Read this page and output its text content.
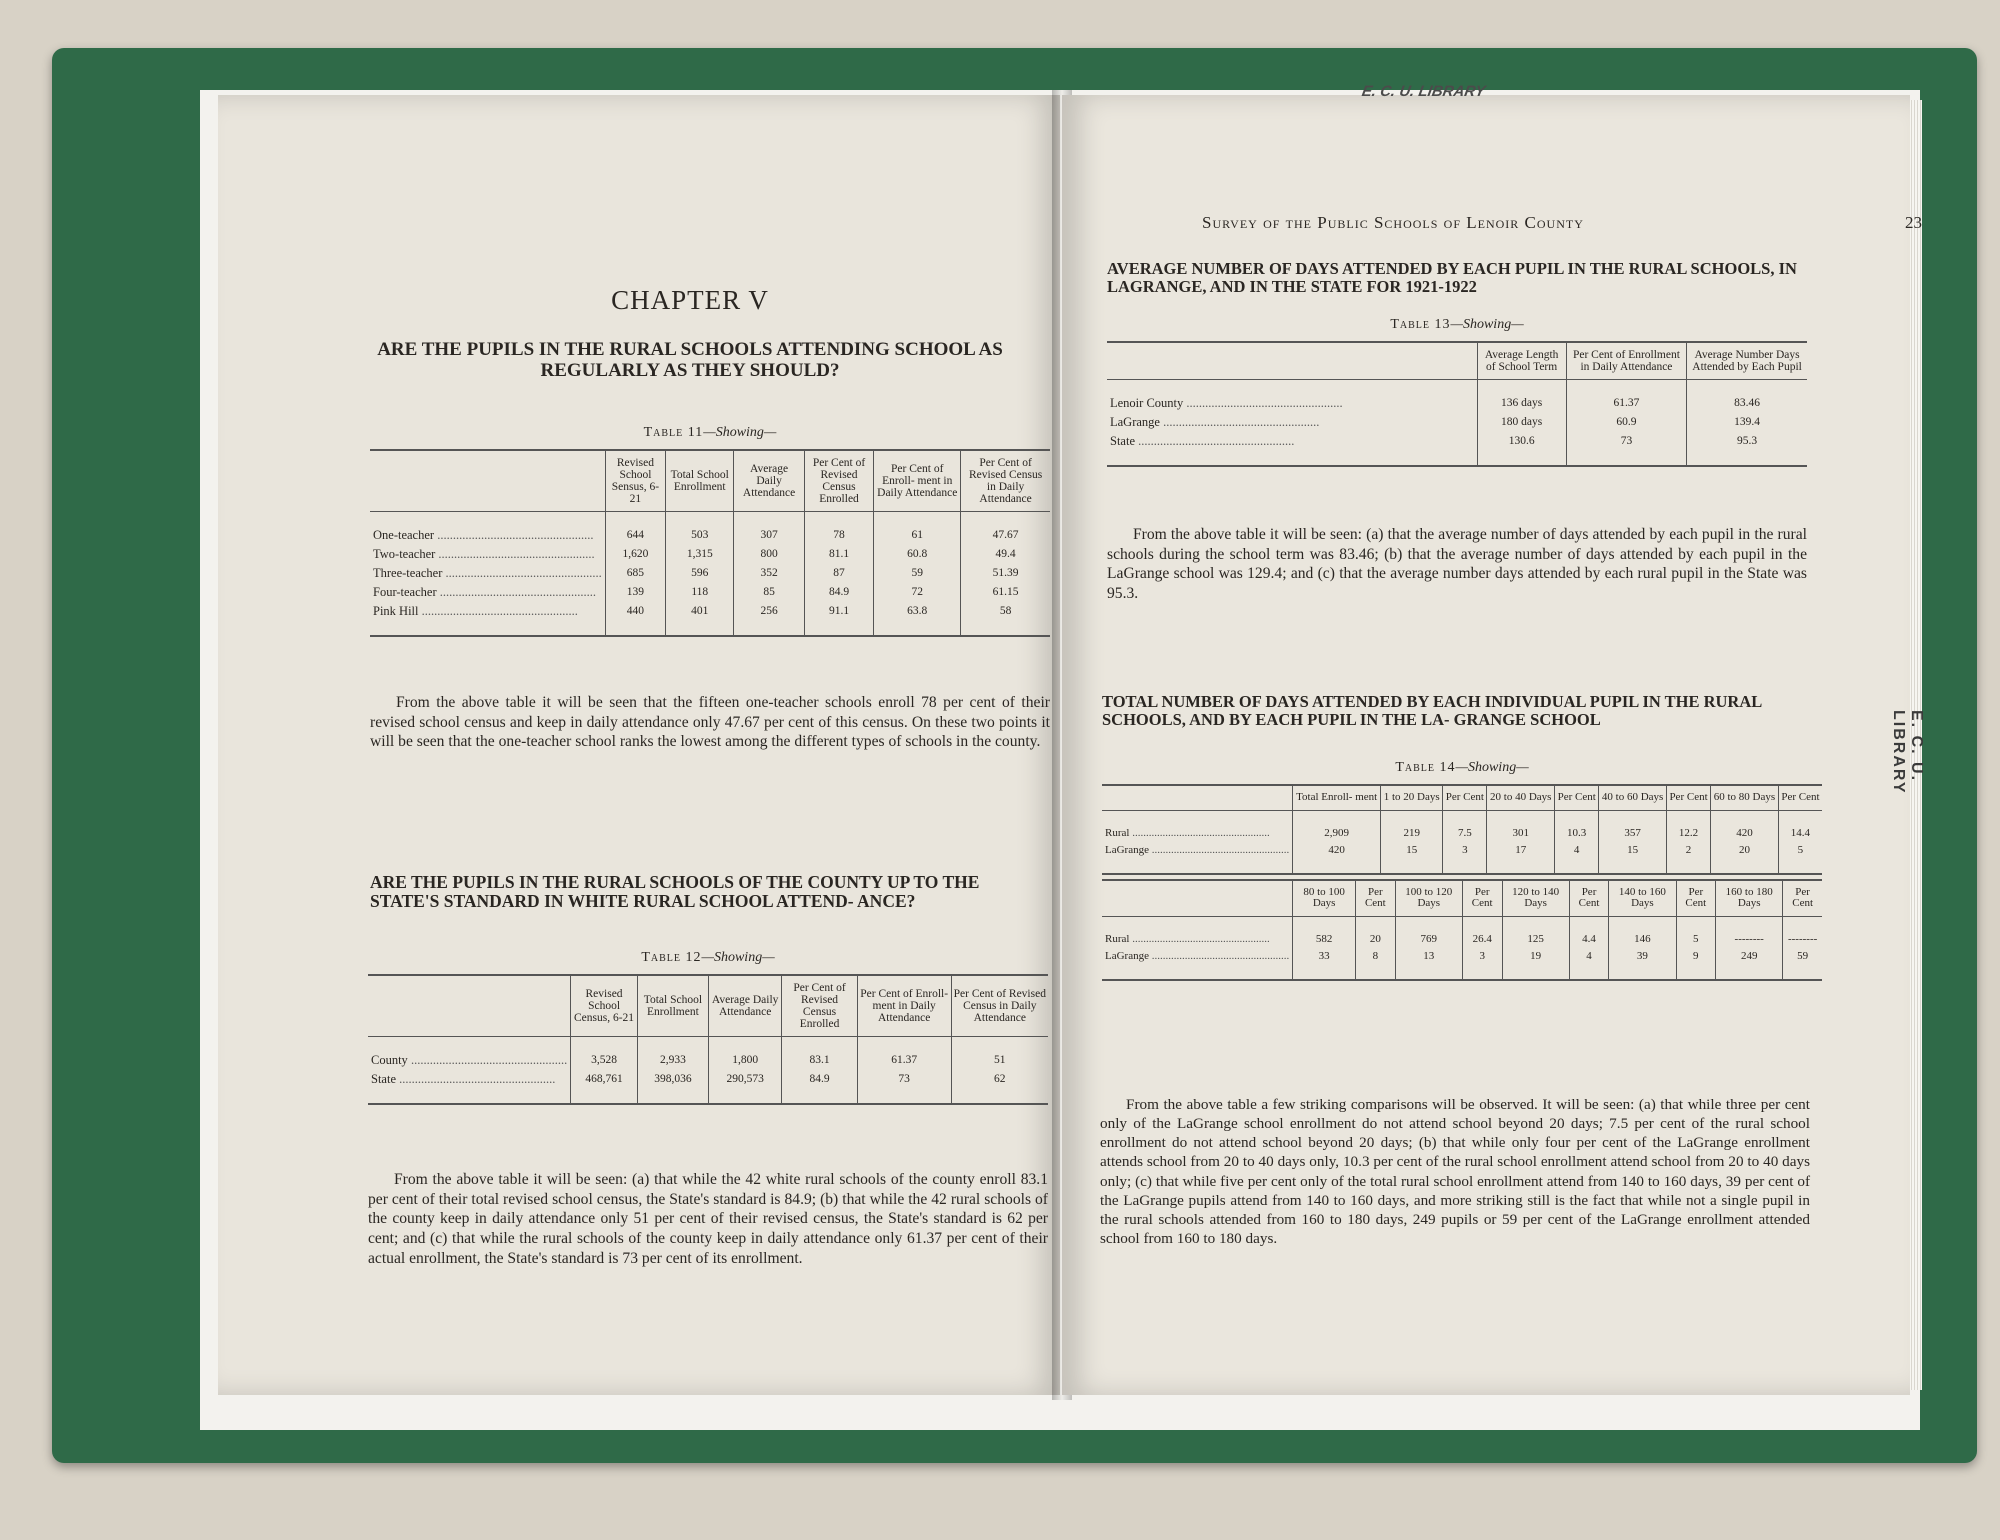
CHAPTER V
ARE THE PUPILS IN THE RURAL SCHOOLS ATTENDING SCHOOL AS REGULARLY AS THEY SHOULD?
Table 11—Showing—
	Revised School Sensus, 6-21	Total School Enrollment	Average Daily Attendance	Per Cent of Revised Census Enrolled	Per Cent of Enroll- ment in Daily Attendance	Per Cent of Revised Census in Daily Attendance
One-teacher .....	644	503	307	78	61	47.67
Two-teacher .....	1,620	1,315	800	81.1	60.8	49.4
Three-teacher .....	685	596	352	87	59	51.39
Four-teacher .....	139	118	85	84.9	72	61.15
Pink Hill .....	440	401	256	91.1	63.8	58

From the above table it will be seen that the fifteen one-teacher schools enroll 78 per cent of their revised school census and keep in daily attendance only 47.67 per cent of this census. On these two points it will be seen that the one-teacher school ranks the lowest among the different types of schools in the county.

ARE THE PUPILS IN THE RURAL SCHOOLS OF THE COUNTY UP TO THE STATE'S STANDARD IN WHITE RURAL SCHOOL ATTEND- ANCE?
Table 12—Showing—
	Revised School Census, 6-21	Total School Enrollment	Average Daily Attendance	Per Cent of Revised Census Enrolled	Per Cent of Enroll- ment in Daily Attendance	Per Cent of Revised Census in Daily Attendance
County .....	3,528	2,933	1,800	83.1	61.37	51
State .....	468,761	398,036	290,573	84.9	73	62

From the above table it will be seen: (a) that while the 42 white rural schools of the county enroll 83.1 per cent of their total revised school census, the State's standard is 84.9; (b) that while the 42 rural schools of the county keep in daily attendance only 51 per cent of their revised census, the State's standard is 62 per cent; and (c) that while the rural schools of the county keep in daily attendance only 61.37 per cent of their actual enrollment, the State's standard is 73 per cent of its enrollment.

Survey of the Public Schools of Lenoir County	23
AVERAGE NUMBER OF DAYS ATTENDED BY EACH PUPIL IN THE RURAL SCHOOLS, IN LAGRANGE, AND IN THE STATE FOR 1921-1922
Table 13—Showing—
	Average Length of School Term	Per Cent of Enrollment in Daily Attendance	Average Number Days Attended by Each Pupil
Lenoir County .....	136 days	61.37	83.46
LaGrange .....	180 days	60.9	139.4
State .....	130.6	73	95.3

From the above table it will be seen: (a) that the average number of days attended by each pupil in the rural schools during the school term was 83.46; (b) that the average number of days attended by each pupil in the LaGrange school was 129.4; and (c) that the average number days attended by each rural pupil in the State was 95.3.

TOTAL NUMBER OF DAYS ATTENDED BY EACH INDIVIDUAL PUPIL IN THE RURAL SCHOOLS, AND BY EACH PUPIL IN THE LA- GRANGE SCHOOL
Table 14—Showing—
	Total Enroll- ment	1 to 20 Days	Per Cent	20 to 40 Days	Per Cent	40 to 60 Days	Per Cent	60 to 80 Days	Per Cent
Rural .....	2,909	219	7.5	301	10.3	357	12.2	420	14.4
LaGrange .....	420	15	3	17	4	15	2	20	5
	80 to 100 Days	Per Cent	100 to 120 Days	Per Cent	120 to 140 Days	Per Cent	140 to 160 Days	Per Cent	160 to 180 Days	Per Cent
Rural .....	582	20	769	26.4	125	4.4	146	5	--------	--------
LaGrange .....	33	8	13	3	19	4	39	9	249	59

From the above table a few striking comparisons will be observed. It will be seen: (a) that while three per cent only of the LaGrange school enrollment do not attend school beyond 20 days; 7.5 per cent of the rural school enrollment do not attend school beyond 20 days; (b) that while only four per cent of the LaGrange enrollment attends school from 20 to 40 days only, 10.3 per cent of the rural school enrollment attend school from 20 to 40 days only; (c) that while five per cent only of the total rural school enrollment attend from 140 to 160 days, 39 per cent of the LaGrange pupils attend from 140 to 160 days, and more striking still is the fact that while not a single pupil in the rural schools attended from 160 to 180 days, 249 pupils or 59 per cent of the LaGrange enrollment attended school from 160 to 180 days.

E. C. U. LIBRARY
E. C. U. LIBRARY
